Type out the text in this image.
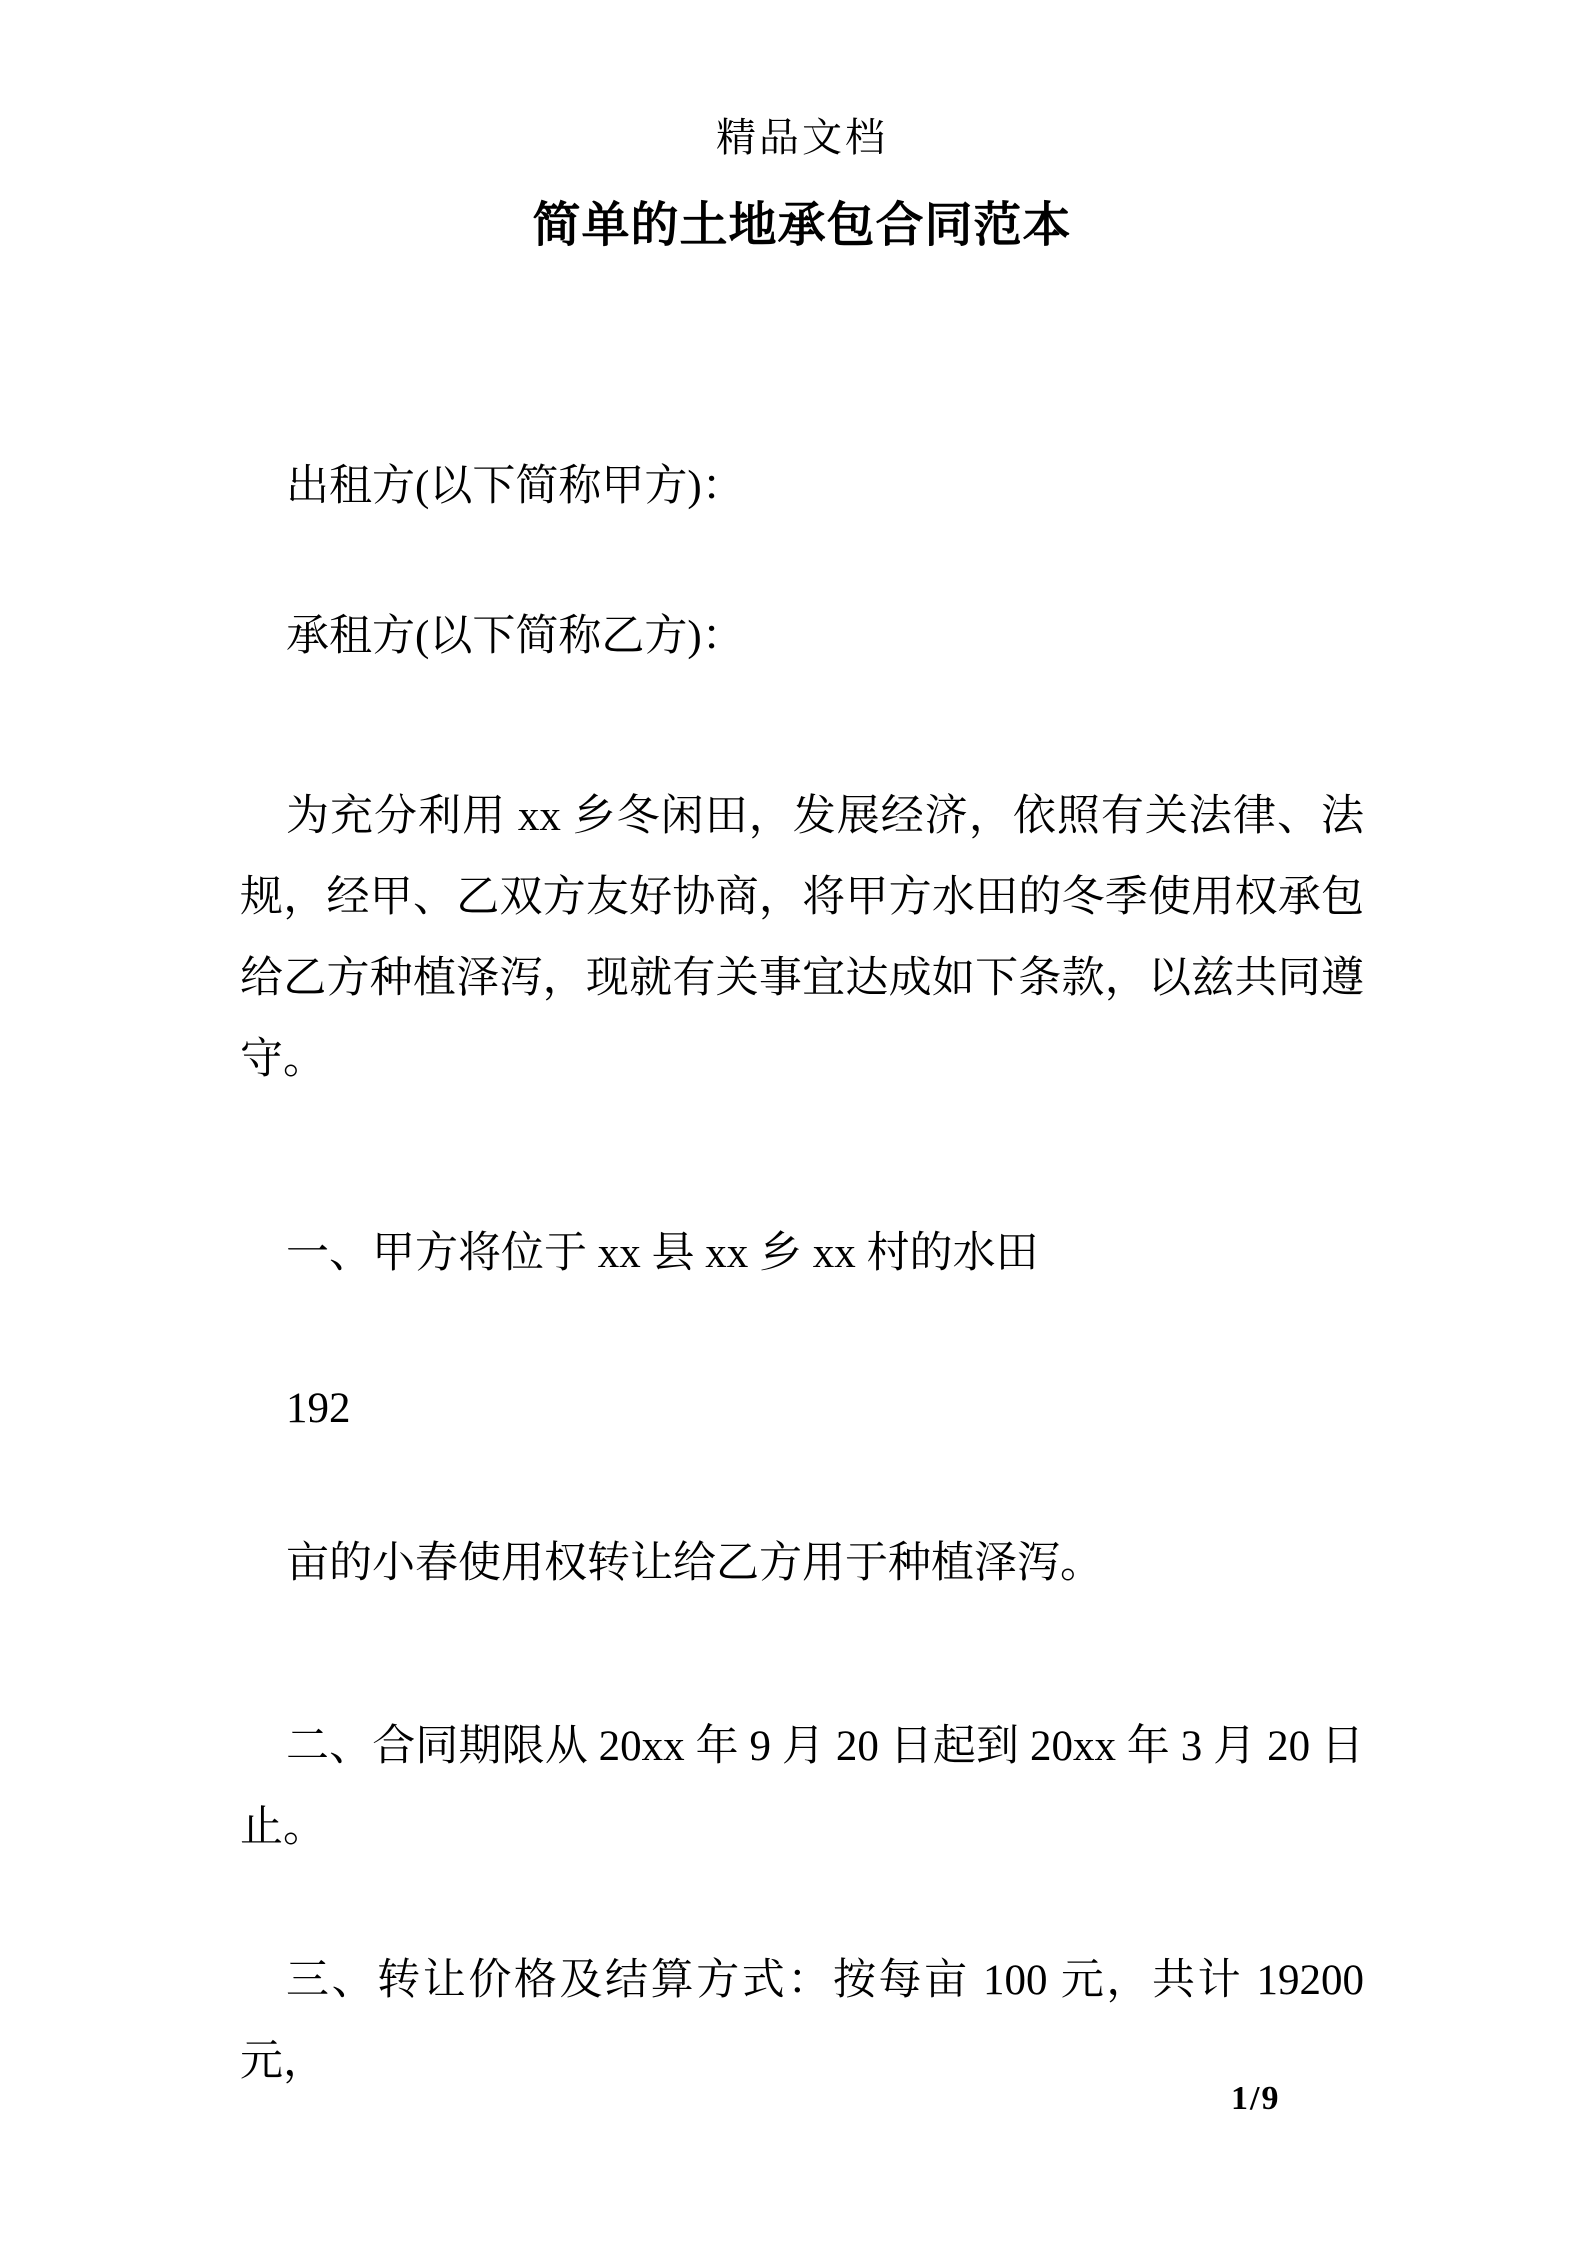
精品文档
简单的土地承包合同范本

出租方(以下简称甲方)：

承租方(以下简称乙方)：

为充分利用 xx 乡冬闲田，发展经济，依照有关法律、法规，经甲、乙双方友好协商，将甲方水田的冬季使用权承包给乙方种植泽泻，现就有关事宜达成如下条款，以兹共同遵守。

一、甲方将位于 xx 县 xx 乡 xx 村的水田

192

亩的小春使用权转让给乙方用于种植泽泻。

二、合同期限从 20xx 年 9 月 20 日起到 20xx 年 3 月 20 日止。

三、转让价格及结算方式：按每亩 100 元，共计 19200 元，

1/9
